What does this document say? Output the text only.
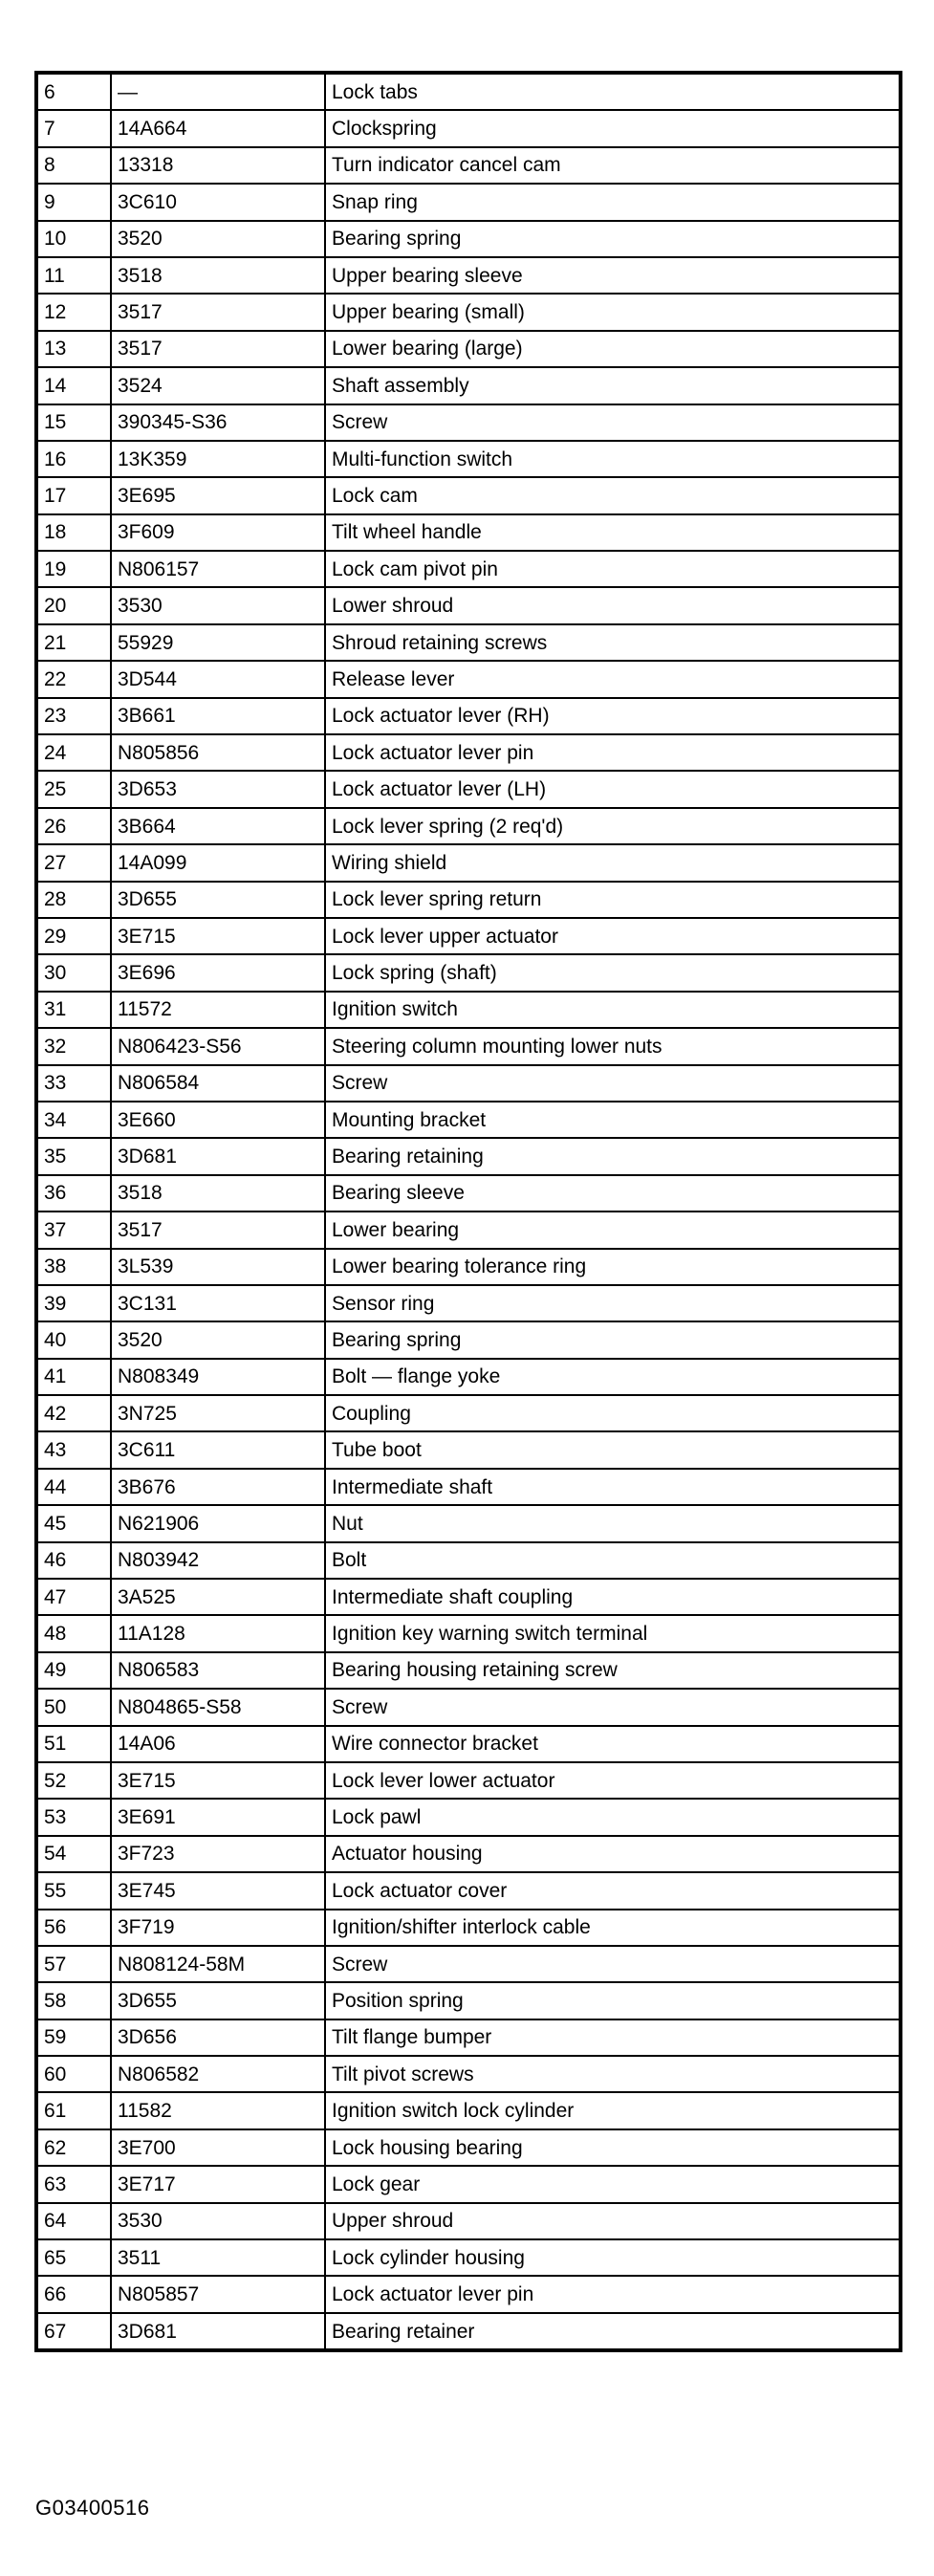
6	—	Lock tabs
7	14A664	Clockspring
8	13318	Turn indicator cancel cam
9	3C610	Snap ring
10	3520	Bearing spring
11	3518	Upper bearing sleeve
12	3517	Upper bearing (small)
13	3517	Lower bearing (large)
14	3524	Shaft assembly
15	390345-S36	Screw
16	13K359	Multi-function switch
17	3E695	Lock cam
18	3F609	Tilt wheel handle
19	N806157	Lock cam pivot pin
20	3530	Lower shroud
21	55929	Shroud retaining screws
22	3D544	Release lever
23	3B661	Lock actuator lever (RH)
24	N805856	Lock actuator lever pin
25	3D653	Lock actuator lever (LH)
26	3B664	Lock lever spring (2 req'd)
27	14A099	Wiring shield
28	3D655	Lock lever spring return
29	3E715	Lock lever upper actuator
30	3E696	Lock spring (shaft)
31	11572	Ignition switch
32	N806423-S56	Steering column mounting lower nuts
33	N806584	Screw
34	3E660	Mounting bracket
35	3D681	Bearing retaining
36	3518	Bearing sleeve
37	3517	Lower bearing
38	3L539	Lower bearing tolerance ring
39	3C131	Sensor ring
40	3520	Bearing spring
41	N808349	Bolt — flange yoke
42	3N725	Coupling
43	3C611	Tube boot
44	3B676	Intermediate shaft
45	N621906	Nut
46	N803942	Bolt
47	3A525	Intermediate shaft coupling
48	11A128	Ignition key warning switch terminal
49	N806583	Bearing housing retaining screw
50	N804865-S58	Screw
51	14A06	Wire connector bracket
52	3E715	Lock lever lower actuator
53	3E691	Lock pawl
54	3F723	Actuator housing
55	3E745	Lock actuator cover
56	3F719	Ignition/shifter interlock cable
57	N808124-58M	Screw
58	3D655	Position spring
59	3D656	Tilt flange bumper
60	N806582	Tilt pivot screws
61	11582	Ignition switch lock cylinder
62	3E700	Lock housing bearing
63	3E717	Lock gear
64	3530	Upper shroud
65	3511	Lock cylinder housing
66	N805857	Lock actuator lever pin
67	3D681	Bearing retainer
G03400516
